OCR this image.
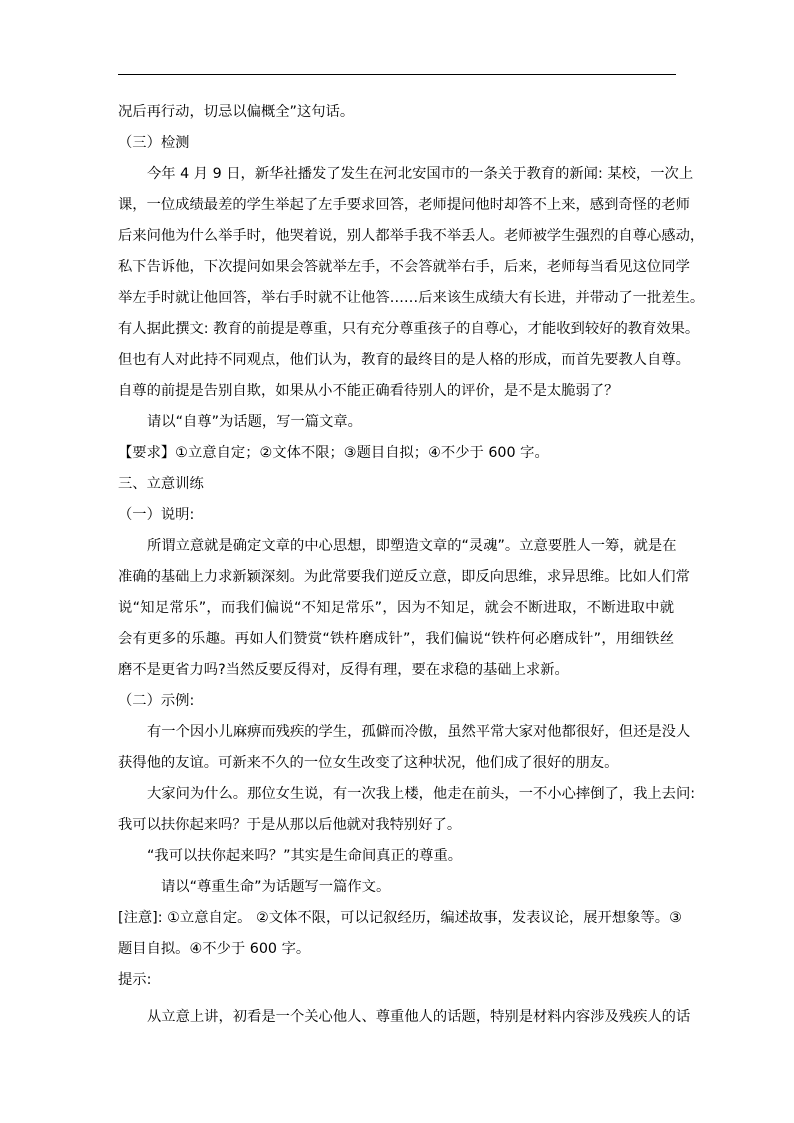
况后再行动，切忌以偏概全”这句话。
（三）检测
今年 4 月 9 日，新华社播发了发生在河北安国市的一条关于教育的新闻: 某校，一次上
课，一位成绩最差的学生举起了左手要求回答，老师提问他时却答不上来，感到奇怪的老师
后来问他为什么举手时，他哭着说，别人都举手我不举丢人。老师被学生强烈的自尊心感动，
私下告诉他，下次提问如果会答就举左手，不会答就举右手，后来，老师每当看见这位同学
举左手时就让他回答，举右手时就不让他答……后来该生成绩大有长进，并带动了一批差生。
有人据此撰文: 教育的前提是尊重，只有充分尊重孩子的自尊心，才能收到较好的教育效果。
但也有人对此持不同观点，他们认为，教育的最终目的是人格的形成，而首先要教人自尊。
自尊的前提是告别自欺，如果从小不能正确看待别人的评价，是不是太脆弱了？
请以“自尊”为话题，写一篇文章。
【要求】①立意自定；②文体不限；③题目自拟；④不少于 600 字。
三、立意训练
（一）说明:
所谓立意就是确定文章的中心思想，即塑造文章的“灵魂”。立意要胜人一筹，就是在
准确的基础上力求新颖深刻。为此常要我们逆反立意，即反向思维，求异思维。比如人们常
说“知足常乐”，而我们偏说“不知足常乐”，因为不知足，就会不断进取，不断进取中就
会有更多的乐趣。再如人们赞赏“铁杵磨成针”，我们偏说“铁杵何必磨成针”，用细铁丝
磨不是更省力吗?当然反要反得对，反得有理，要在求稳的基础上求新。
（二）示例:
有一个因小儿麻痹而残疾的学生，孤僻而冷傲，虽然平常大家对他都很好，但还是没人
获得他的友谊。可新来不久的一位女生改变了这种状况，他们成了很好的朋友。
大家问为什么。那位女生说，有一次我上楼，他走在前头，一不小心摔倒了，我上去问:
我可以扶你起来吗？于是从那以后他就对我特别好了。
“我可以扶你起来吗？”其实是生命间真正的尊重。
请以“尊重生命”为话题写一篇作文。
[注意]: ①立意自定。 ②文体不限，可以记叙经历，编述故事，发表议论，展开想象等。③
题目自拟。④不少于 600 字。
提示:
从立意上讲，初看是一个关心他人、尊重他人的话题，特别是材料内容涉及残疾人的话
